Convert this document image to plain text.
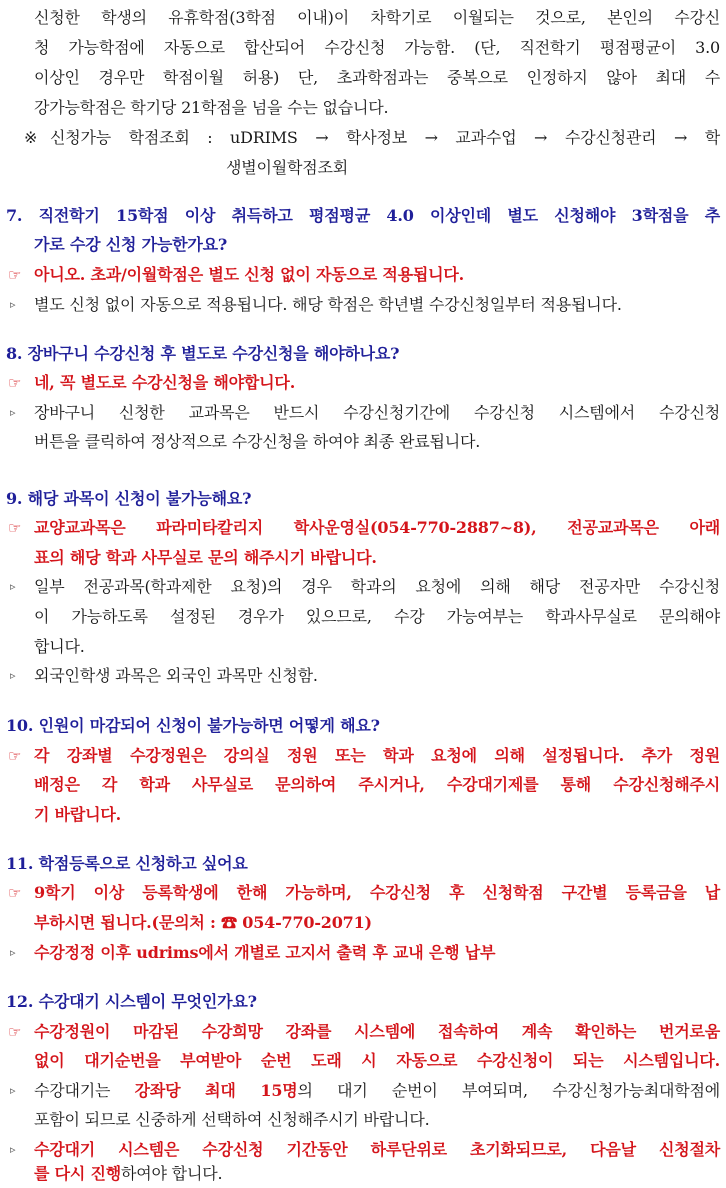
신청한 학생의 유휴학점(3학점 이내)이 차학기로 이월되는 것으로, 본인의 수강신
청 가능학점에 자동으로 합산되어 수강신청 가능함. (단, 직전학기 평점평균이 3.0
이상인 경우만 학점이월 허용) 단, 초과학점과는 중복으로 인정하지 않아 최대 수
강가능학점은 학기당 21학점을 넘을 수는 없습니다.
※ 신청가능 학점조회 : uDRIMS → 학사정보 → 교과수업 → 수강신청관리 → 학
생별이월학점조회
7. 직전학기 15학점 이상 취득하고 평점평균 4.0 이상인데 별도 신청해야 3학점을 추
가로 수강 신청 가능한가요?
☞ 아니오. 초과/이월학점은 별도 신청 없이 자동으로 적용됩니다.
▹ 별도 신청 없이 자동으로 적용됩니다. 해당 학점은 학년별 수강신청일부터 적용됩니다.
8. 장바구니 수강신청 후 별도로 수강신청을 해야하나요?
☞ 네, 꼭 별도로 수강신청을 해야합니다.
▹ 장바구니 신청한 교과목은 반드시 수강신청기간에 수강신청 시스템에서 수강신청
버튼을 클릭하여 정상적으로 수강신청을 하여야 최종 완료됩니다.
9. 해당 과목이 신청이 불가능해요?
☞ 교양교과목은 파라미타칼리지 학사운영실(054-770-2887~8), 전공교과목은 아래
표의 해당 학과 사무실로 문의 해주시기 바랍니다.
▹ 일부 전공과목(학과제한 요청)의 경우 학과의 요청에 의해 해당 전공자만 수강신청
이 가능하도록 설정된 경우가 있으므로, 수강 가능여부는 학과사무실로 문의해야
합니다.
▹ 외국인학생 과목은 외국인 과목만 신청함.
10. 인원이 마감되어 신청이 불가능하면 어떻게 해요?
☞ 각 강좌별 수강정원은 강의실 정원 또는 학과 요청에 의해 설정됩니다. 추가 정원
배정은 각 학과 사무실로 문의하여 주시거나, 수강대기제를 통해 수강신청해주시
기 바랍니다.
11. 학점등록으로 신청하고 싶어요
☞ 9학기 이상 등록학생에 한해 가능하며, 수강신청 후 신청학점 구간별 등록금을 납
부하시면 됩니다.(문의처 : ☎ 054-770-2071)
▹ 수강정정 이후 udrims에서 개별로 고지서 출력 후 교내 은행 납부
12. 수강대기 시스템이 무엇인가요?
☞ 수강정원이 마감된 수강희망 강좌를 시스템에 접속하여 계속 확인하는 번거로움
없이 대기순번을 부여받아 순번 도래 시 자동으로 수강신청이 되는 시스템입니다.
▹ 수강대기는 강좌당 최대 15명의 대기 순번이 부여되며, 수강신청가능최대학점에
포함이 되므로 신중하게 선택하여 신청해주시기 바랍니다.
▹ 수강대기 시스템은 수강신청 기간동안 하루단위로 초기화되므로, 다음날 신청절차
를 다시 진행하여야 합니다.
